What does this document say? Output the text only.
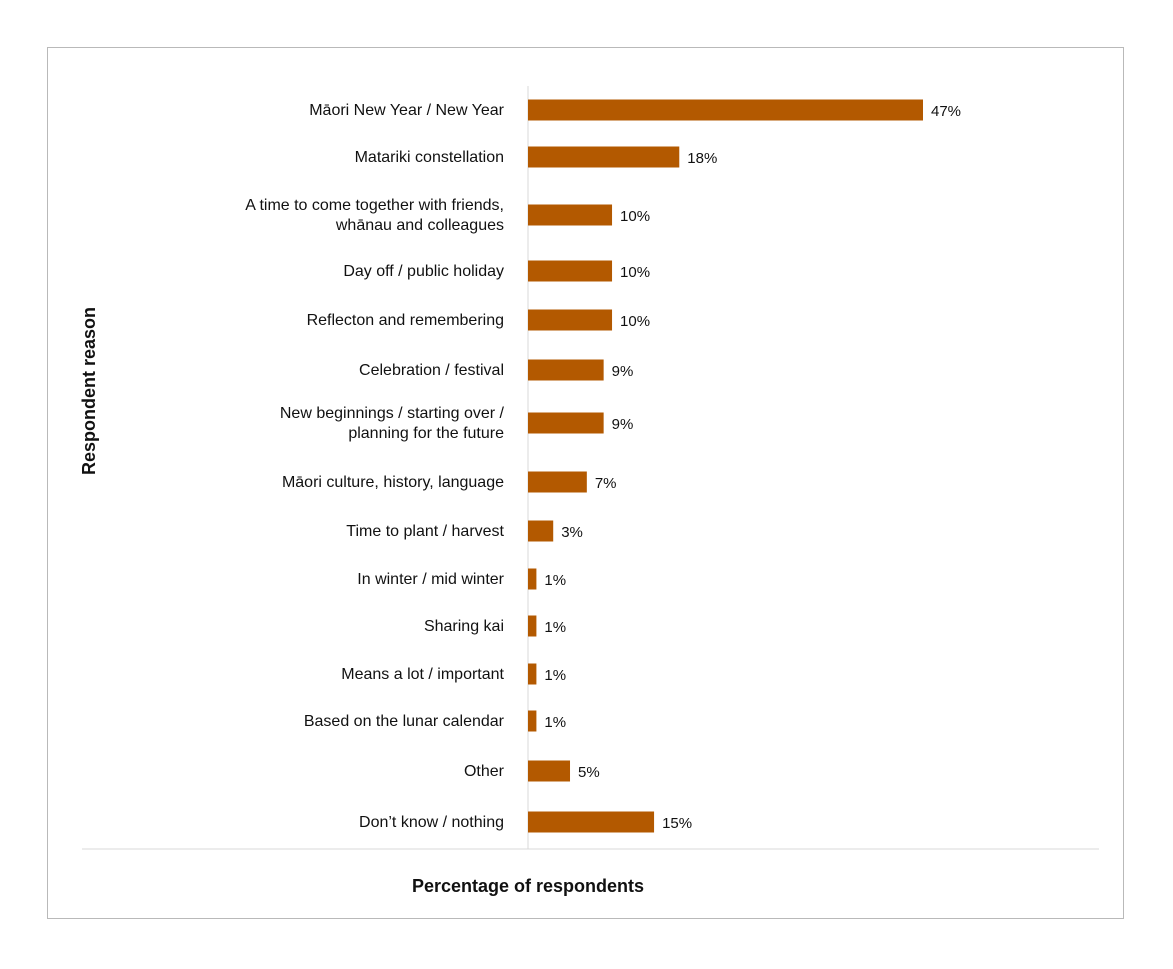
Māori New Year / New Year
Matariki constellation
A time to come together with friends, whānau and colleagues
Day off / public holiday
Reflecton and remembering
Celebration / festival
New beginnings / starting over / planning for the future
Māori culture, history, language
Time to plant / harvest
In winter / mid winter
Sharing kai
Means a lot / important
Based on the lunar calendar
Other
Don’t know / nothing
47%
18%
10%
10%
10%
9%
9%
7%
3%
1%
1%
1%
1%
5%
15%
Percentage of respondents
Respondent reason
